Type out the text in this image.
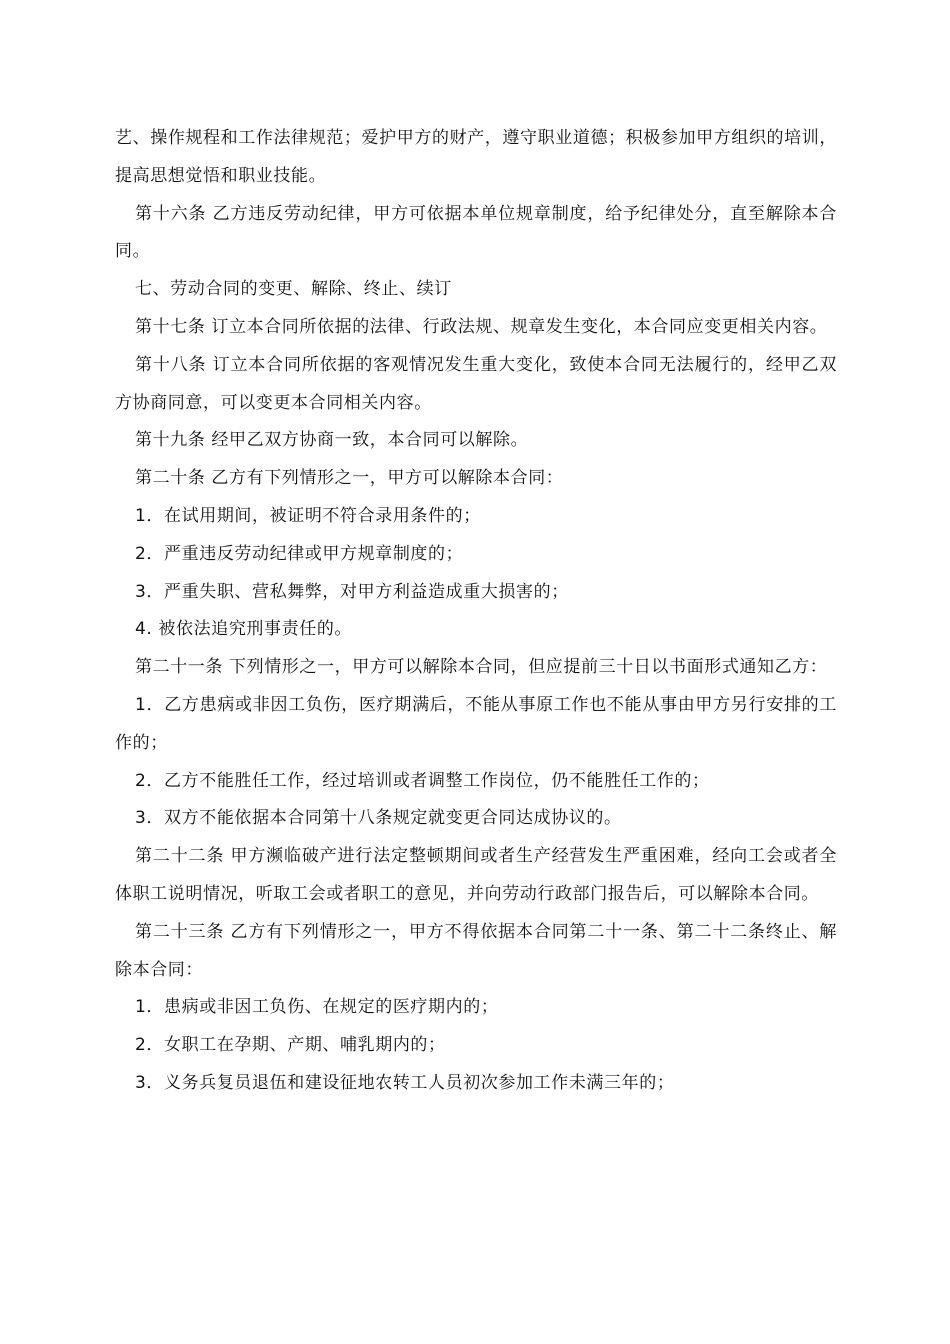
艺、操作规程和工作法律规范；爱护甲方的财产，遵守职业道德；积极参加甲方组织的培训，提高思想觉悟和职业技能。

第十六条 乙方违反劳动纪律，甲方可依据本单位规章制度，给予纪律处分，直至解除本合同。

七、劳动合同的变更、解除、终止、续订

第十七条 订立本合同所依据的法律、行政法规、规章发生变化，本合同应变更相关内容。

第十八条 订立本合同所依据的客观情况发生重大变化，致使本合同无法履行的，经甲乙双方协商同意，可以变更本合同相关内容。

第十九条 经甲乙双方协商一致，本合同可以解除。

第二十条 乙方有下列情形之一，甲方可以解除本合同：

1．在试用期间，被证明不符合录用条件的；

2．严重违反劳动纪律或甲方规章制度的；

3．严重失职、营私舞弊，对甲方利益造成重大损害的；

4. 被依法追究刑事责任的。

第二十一条 下列情形之一，甲方可以解除本合同，但应提前三十日以书面形式通知乙方：

1．乙方患病或非因工负伤，医疗期满后，不能从事原工作也不能从事由甲方另行安排的工作的；

2．乙方不能胜任工作，经过培训或者调整工作岗位，仍不能胜任工作的；

3．双方不能依据本合同第十八条规定就变更合同达成协议的。

第二十二条 甲方濒临破产进行法定整顿期间或者生产经营发生严重困难，经向工会或者全体职工说明情况，听取工会或者职工的意见，并向劳动行政部门报告后，可以解除本合同。

第二十三条 乙方有下列情形之一，甲方不得依据本合同第二十一条、第二十二条终止、解除本合同：

1．患病或非因工负伤、在规定的医疗期内的；

2．女职工在孕期、产期、哺乳期内的；

3．义务兵复员退伍和建设征地农转工人员初次参加工作未满三年的；
